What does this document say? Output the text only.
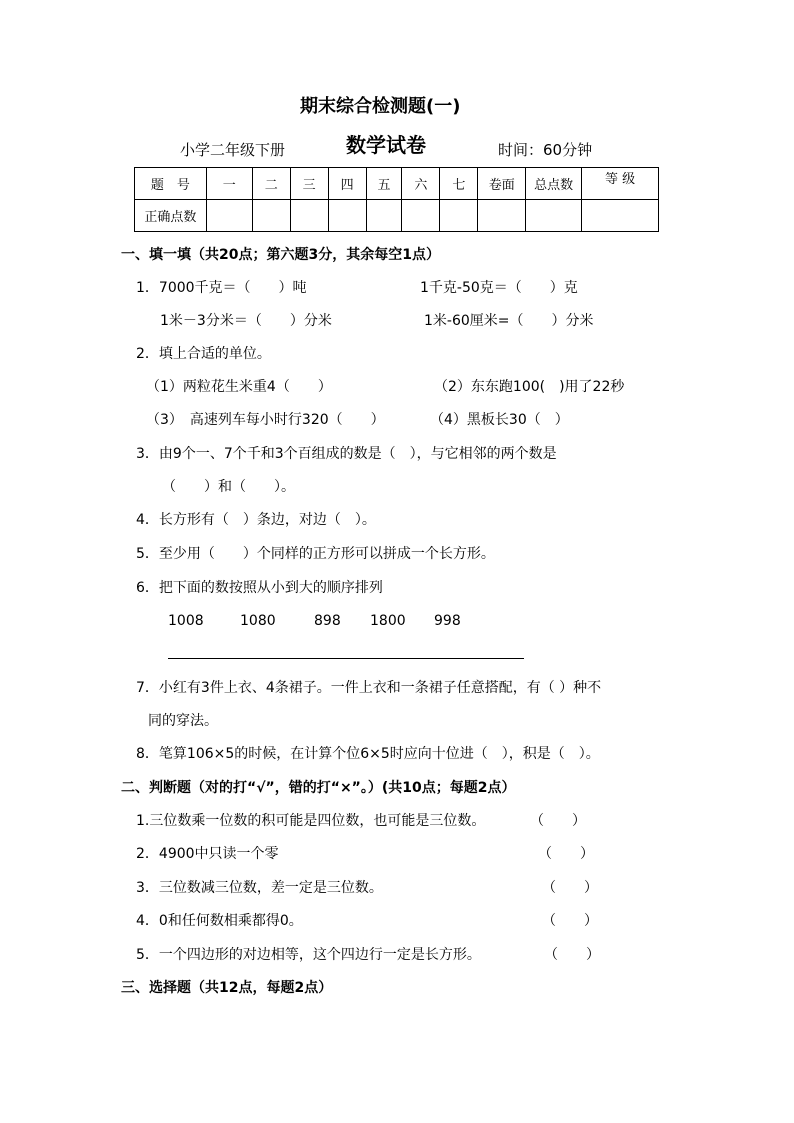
期末综合检测题(一)
小学二年级下册	数学试卷	时间：60分钟
题　号	一	二	三	四	五	六	七	卷面	总点数	等 级
正确点数										
一、填一填（共20点；第六题3分，其余每空1点）
1．7000千克＝（　　）吨	1千克-50克＝（　　）克
1米－3分米＝（　　）分米	1米-60厘米=（　　）分米
2．填上合适的单位。
（1）两粒花生米重4（　　）	（2）东东跑100(　)用了22秒
（3）　高速列车每小时行320（　　）	（4）黑板长30（　）
3．由9个一、7个千和3个百组成的数是（　），与它相邻的两个数是
（　　）和（　　）。
4．长方形有（　）条边，对边（　）。
5．至少用（　　）个同样的正方形可以拼成一个长方形。
6．把下面的数按照从小到大的顺序排列
1008	1080	898 1800 998
7．小红有3件上衣、4条裙子。一件上衣和一条裙子任意搭配，有（ ）种不
同的穿法。
8．笔算106×5的时候，在计算个位6×5时应向十位进（　），积是（　）。
二、判断题（对的打“√”，错的打“×”。）(共10点；每题2点）
1.三位数乘一位数的积可能是四位数，也可能是三位数。	（　　）
2．4900中只读一个零	（　　）
3．三位数减三位数，差一定是三位数。	（　　）
4．0和任何数相乘都得0。	（　　）
5．一个四边形的对边相等，这个四边行一定是长方形。	（　　）
三、选择题（共12点，每题2点）
